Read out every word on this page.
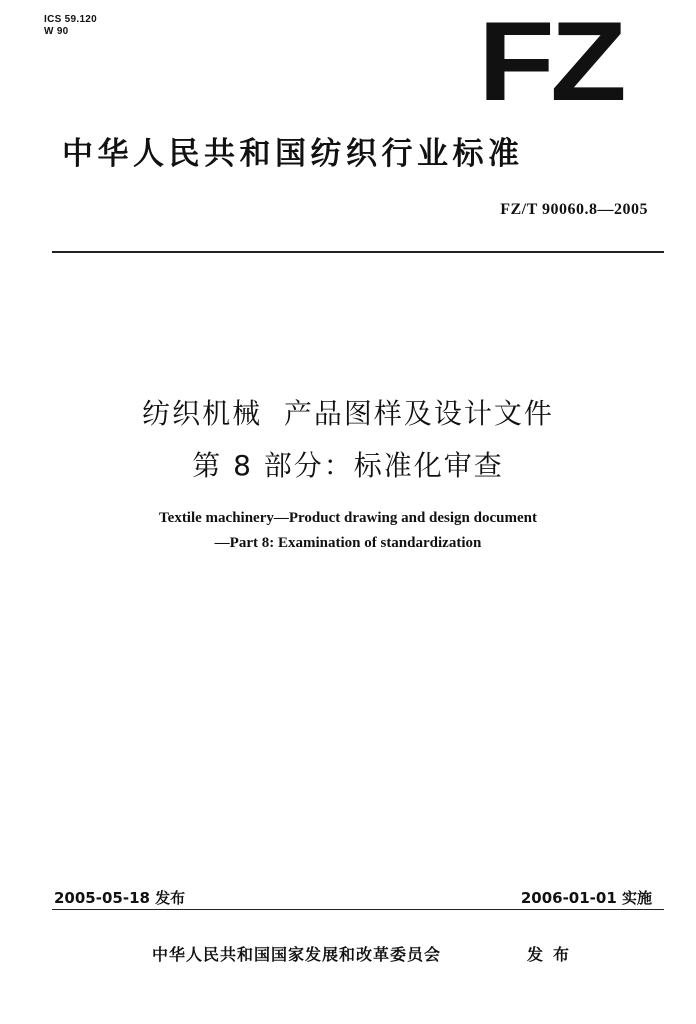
ICS 59.120
W 90	FZ
中华人民共和国纺织行业标准
FZ/T 90060.8—2005
纺织机械  产品图样及设计文件
第 8 部分：标准化审查
Textile machinery—Product drawing and design document
—Part 8: Examination of standardization
2005-05-18 发布	2006-01-01 实施
中华人民共和国国家发展和改革委员会	发布
